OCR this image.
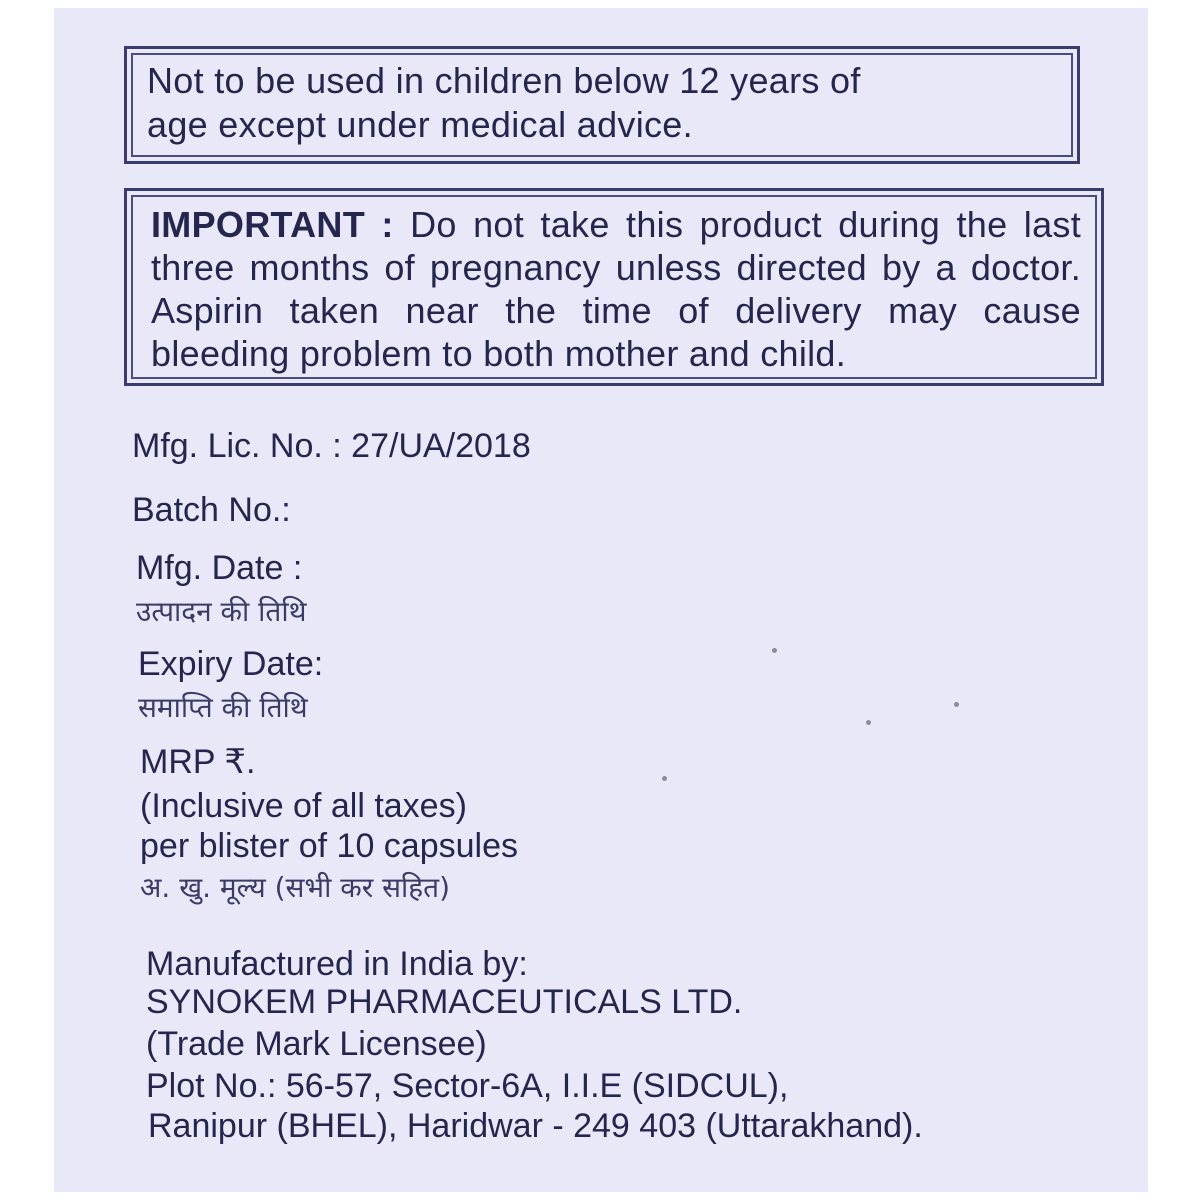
Not to be used in children below 12 years of
age except under medical advice.
IMPORTANT : Do not take this product during the last three months of pregnancy unless directed by a doctor. Aspirin taken near the time of delivery may cause bleeding problem to both mother and child.
Mfg. Lic. No. : 27/UA/2018
Batch No.:
Mfg. Date :
उत्पादन की तिथि
Expiry Date:
समाप्ति की तिथि
MRP ₹.
(Inclusive of all taxes)
per blister of 10 capsules
अ. खु. मूल्य (सभी कर सहित)
Manufactured in India by:
SYNOKEM PHARMACEUTICALS LTD.
(Trade Mark Licensee)
Plot No.: 56-57, Sector-6A, I.I.E (SIDCUL),
Ranipur (BHEL), Haridwar - 249 403 (Uttarakhand).
